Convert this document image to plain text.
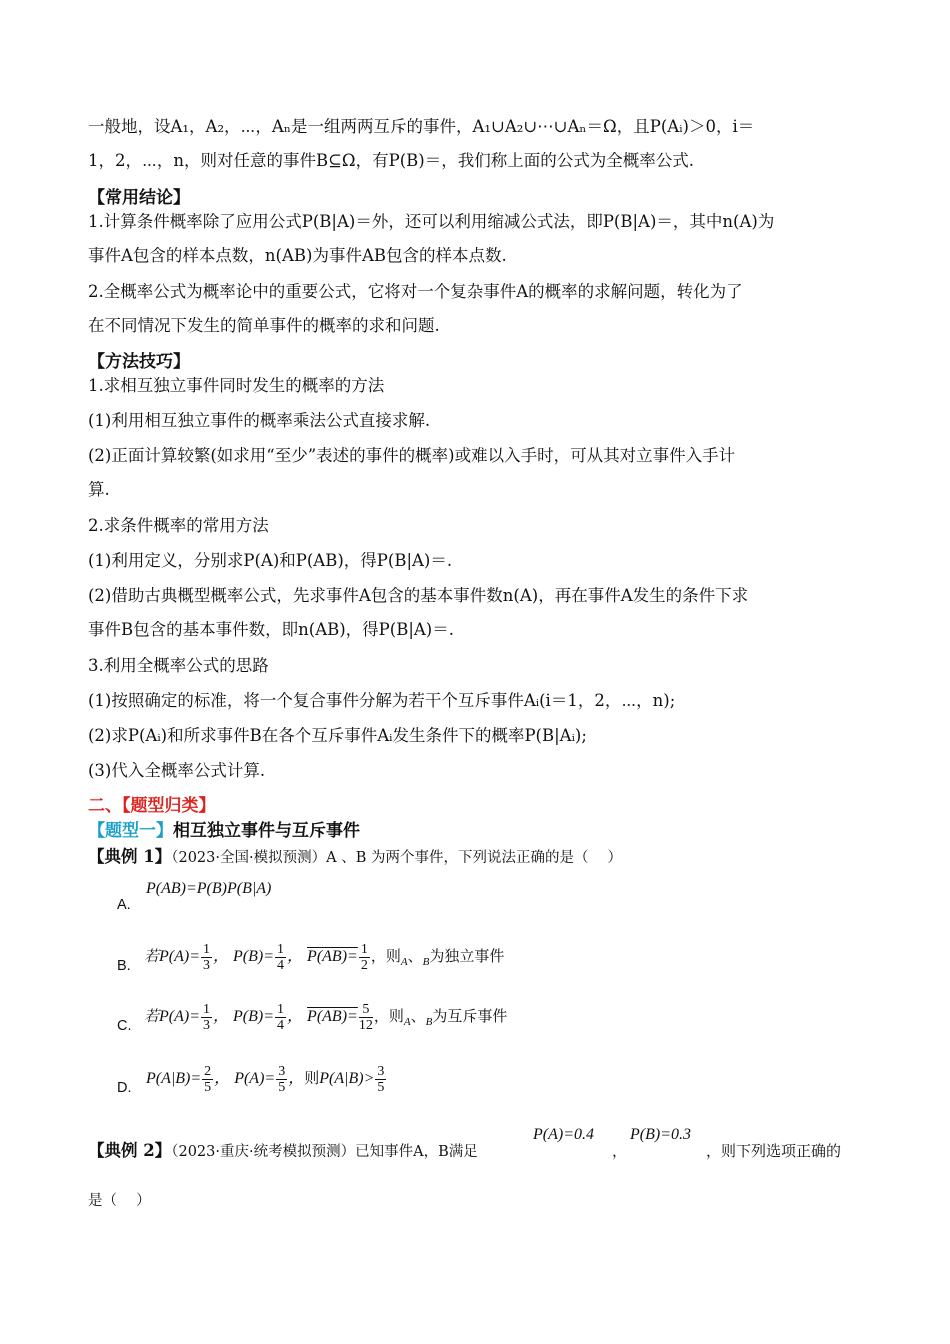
一般地，设A₁，A₂，⋯，Aₙ是一组两两互斥的事件，A₁∪A₂∪⋯∪Aₙ＝Ω，且P(Aᵢ)＞0，i＝
1，2，⋯，n，则对任意的事件B⊆Ω，有P(B)＝，我们称上面的公式为全概率公式.
【常用结论】
1.计算条件概率除了应用公式P(B|A)＝外，还可以利用缩减公式法，即P(B|A)＝，其中n(A)为
事件A包含的样本点数，n(AB)为事件AB包含的样本点数.
2.全概率公式为概率论中的重要公式，它将对一个复杂事件A的概率的求解问题，转化为了
在不同情况下发生的简单事件的概率的求和问题.
【方法技巧】
1.求相互独立事件同时发生的概率的方法
(1)利用相互独立事件的概率乘法公式直接求解.
(2)正面计算较繁(如求用“至少”表述的事件的概率)或难以入手时，可从其对立事件入手计
算.
2.求条件概率的常用方法
(1)利用定义，分别求P(A)和P(AB)，得P(B|A)＝.
(2)借助古典概型概率公式，先求事件A包含的基本事件数n(A)，再在事件A发生的条件下求
事件B包含的基本事件数，即n(AB)，得P(B|A)＝.
3.利用全概率公式的思路
(1)按照确定的标准，将一个复合事件分解为若干个互斥事件Aᵢ(i＝1，2，⋯，n);
(2)求P(Aᵢ)和所求事件B在各个互斥事件Aᵢ发生条件下的概率P(B|Aᵢ);
(3)代入全概率公式计算.
二、【题型归类】
【题型一】相互独立事件与互斥事件
【典例 1】（2023·全国·模拟预测）A 、B 为两个事件，下列说法正确的是（　 ）
A.
P(AB)=P(B)P(B|A)
B.
若$P(A)= \frac{1}{3}$ ， $P(B)= \frac{1}{4}$ ， $P(AB)= \frac{1}{2}$ ，则$_A$、$_B$为独立事件
C.
若$P(A)= \frac{1}{3}$ ， $P(B)= \frac{1}{4}$ ， $P(AB)= \frac{5}{12}$ ，则$_A$、$_B$为互斥事件
D.
$P(A|B)= \frac{2}{5}$ ， $P(A)= \frac{3}{5}$ ，则$P(A|B)> \frac{3}{5}$
【典例 2】（2023·重庆·统考模拟预测）已知事件A，B满足
P(A)=0.4
，
P(B)=0.3
，则下列选项正确的
是（　 ）
